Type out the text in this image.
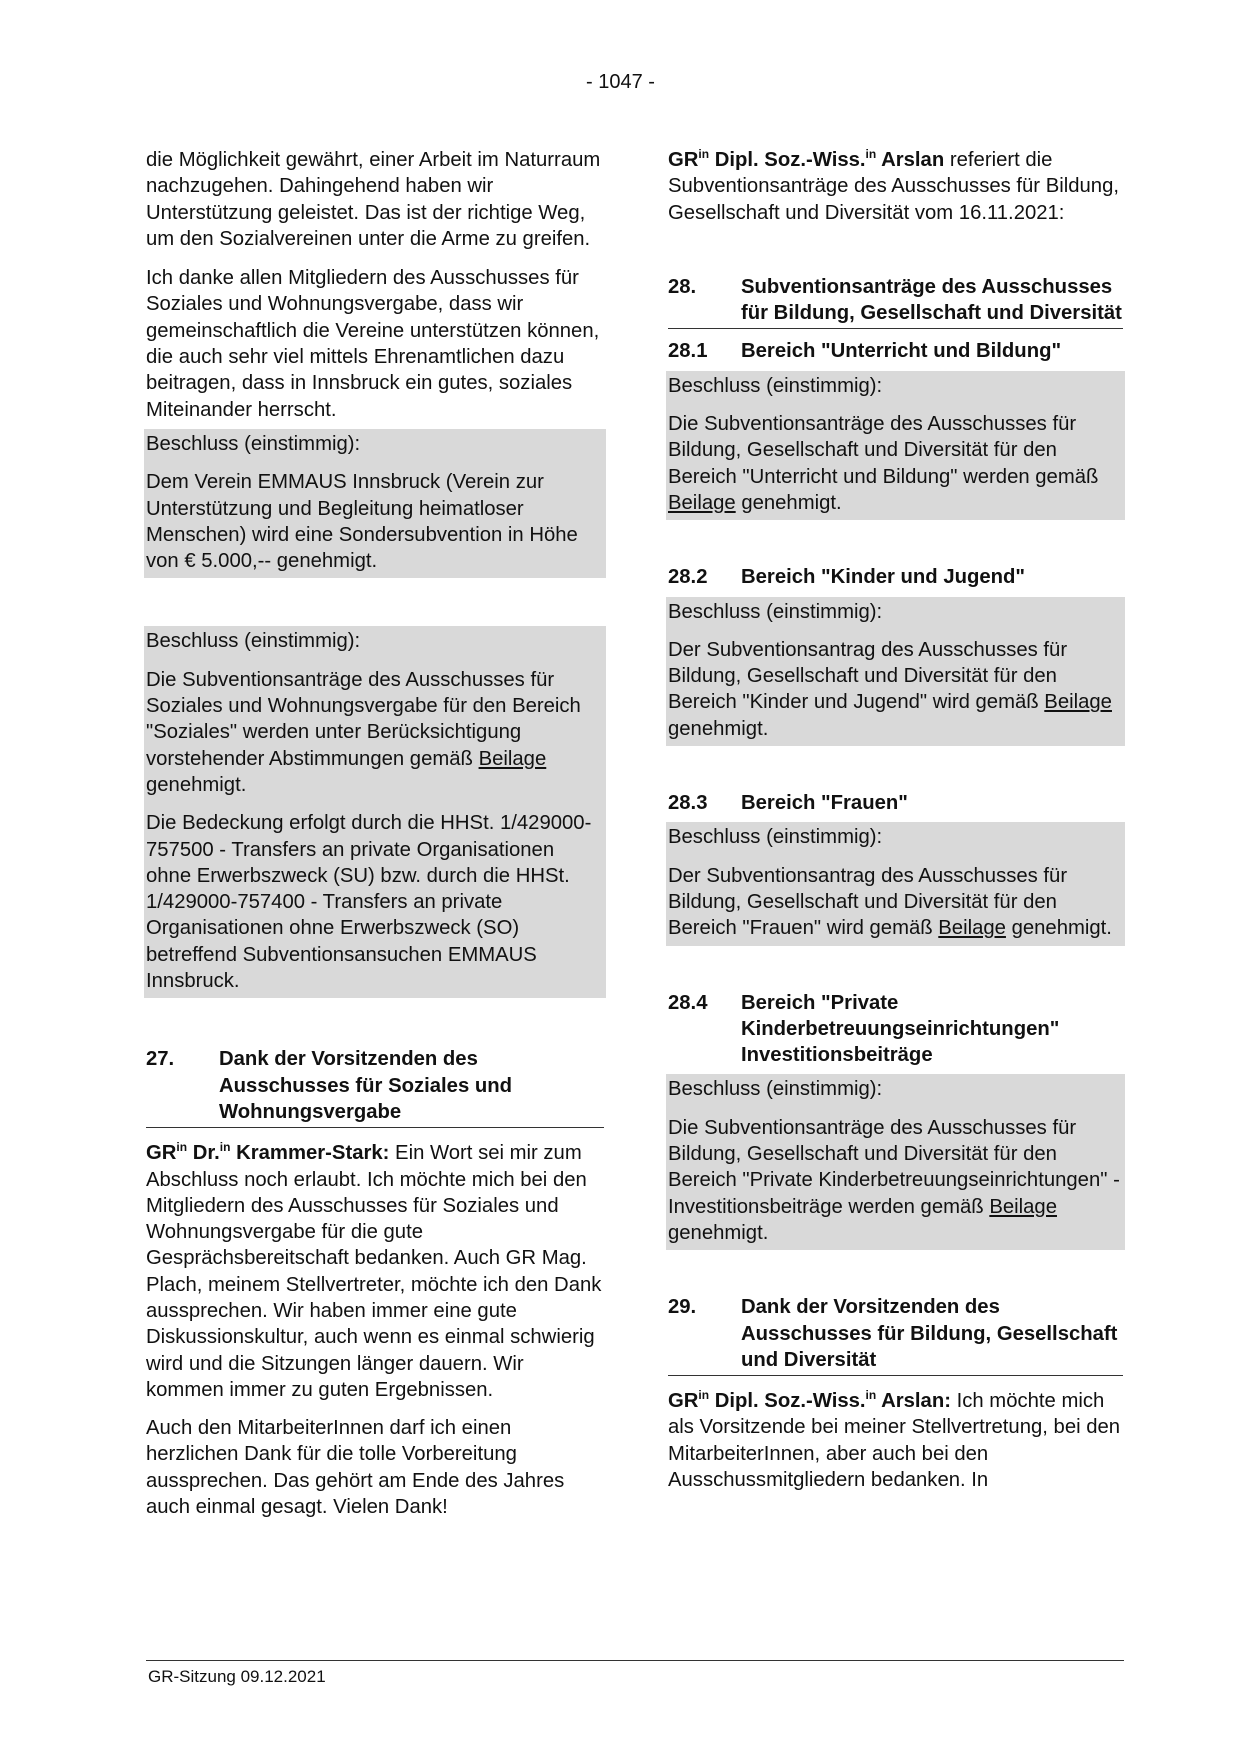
- 1047 -

die Möglichkeit gewährt, einer Arbeit im Naturraum nachzugehen. Dahingehend haben wir Unterstützung geleistet. Das ist der richtige Weg, um den Sozialvereinen unter die Arme zu greifen.

Ich danke allen Mitgliedern des Ausschusses für Soziales und Wohnungsvergabe, dass wir gemeinschaftlich die Vereine unterstützen können, die auch sehr viel mittels Ehrenamtlichen dazu beitragen, dass in Innsbruck ein gutes, soziales Miteinander herrscht.

Beschluss (einstimmig):

Dem Verein EMMAUS Innsbruck (Verein zur Unterstützung und Begleitung heimatloser Menschen) wird eine Sondersubvention in Höhe von € 5.000,-- genehmigt.

Beschluss (einstimmig):

Die Subventionsanträge des Ausschusses für Soziales und Wohnungsvergabe für den Bereich "Soziales" werden unter Berücksichtigung vorstehender Abstimmungen gemäß Beilage genehmigt.

Die Bedeckung erfolgt durch die HHSt. 1/429000-757500 - Transfers an private Organisationen ohne Erwerbszweck (SU) bzw. durch die HHSt. 1/429000-757400 - Transfers an private Organisationen ohne Erwerbszweck (SO) betreffend Subventionsansuchen EMMAUS Innsbruck.

27. Dank der Vorsitzenden des Ausschusses für Soziales und Wohnungsvergabe

$GR^{in}$ Dr.$^{in}$ Krammer-Stark: Ein Wort sei mir zum Abschluss noch erlaubt. Ich möchte mich bei den Mitgliedern des Ausschusses für Soziales und Wohnungsvergabe für die gute Gesprächsbereitschaft bedanken. Auch GR Mag. Plach, meinem Stellvertreter, möchte ich den Dank aussprechen. Wir haben immer eine gute Diskussionskultur, auch wenn es einmal schwierig wird und die Sitzungen länger dauern. Wir kommen immer zu guten Ergebnissen.

Auch den MitarbeiterInnen darf ich einen herzlichen Dank für die tolle Vorbereitung aussprechen. Das gehört am Ende des Jahres auch einmal gesagt. Vielen Dank!

$GR^{in}$ Dipl. Soz.-Wiss.$^{in}$ Arslan referiert die Subventionsanträge des Ausschusses für Bildung, Gesellschaft und Diversität vom 16.11.2021:

28. Subventionsanträge des Ausschusses für Bildung, Gesellschaft und Diversität
28.1 Bereich "Unterricht und Bildung"

Beschluss (einstimmig):

Die Subventionsanträge des Ausschusses für Bildung, Gesellschaft und Diversität für den Bereich "Unterricht und Bildung" werden gemäß Beilage genehmigt.

28.2 Bereich "Kinder und Jugend"

Beschluss (einstimmig):

Der Subventionsantrag des Ausschusses für Bildung, Gesellschaft und Diversität für den Bereich "Kinder und Jugend" wird gemäß Beilage genehmigt.

28.3 Bereich "Frauen"

Beschluss (einstimmig):

Der Subventionsantrag des Ausschusses für Bildung, Gesellschaft und Diversität für den Bereich "Frauen" wird gemäß Beilage genehmigt.

28.4 Bereich "Private Kinderbetreuungseinrichtungen" Investitionsbeiträge

Beschluss (einstimmig):

Die Subventionsanträge des Ausschusses für Bildung, Gesellschaft und Diversität für den Bereich "Private Kinderbetreuungseinrichtungen" - Investitionsbeiträge werden gemäß Beilage genehmigt.

29. Dank der Vorsitzenden des Ausschusses für Bildung, Gesellschaft und Diversität

$GR^{in}$ Dipl. Soz.-Wiss.$^{in}$ Arslan: Ich möchte mich als Vorsitzende bei meiner Stellvertretung, bei den MitarbeiterInnen, aber auch bei den Ausschussmitgliedern bedanken. In

GR-Sitzung 09.12.2021
